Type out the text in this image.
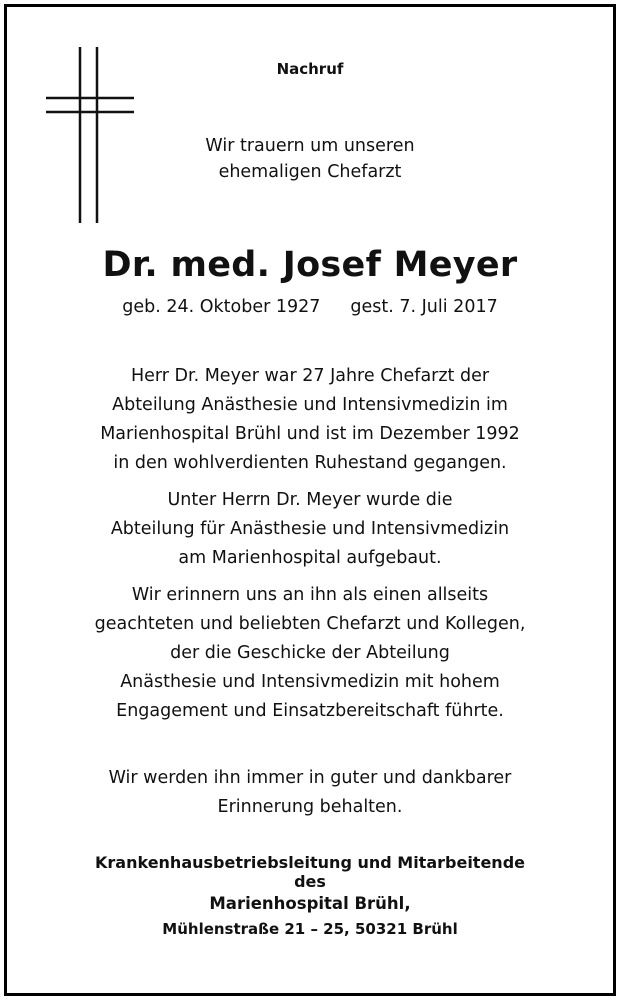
Nachruf
Wir trauern um unseren
ehemaligen Chefarzt
Dr. med. Josef Meyer
geb. 24. Oktober 1927 gest. 7. Juli 2017
Herr Dr. Meyer war 27 Jahre Chefarzt der
Abteilung Anästhesie und Intensivmedizin im
Marienhospital Brühl und ist im Dezember 1992
in den wohlverdienten Ruhestand gegangen.
Unter Herrn Dr. Meyer wurde die
Abteilung für Anästhesie und Intensivmedizin
am Marienhospital aufgebaut.
Wir erinnern uns an ihn als einen allseits
geachteten und beliebten Chefarzt und Kollegen,
der die Geschicke der Abteilung
Anästhesie und Intensivmedizin mit hohem
Engagement und Einsatzbereitschaft führte.
Wir werden ihn immer in guter und dankbarer
Erinnerung behalten.
Krankenhausbetriebsleitung und Mitarbeitende
des
Marienhospital Brühl,
Mühlenstraße 21 – 25, 50321 Brühl
